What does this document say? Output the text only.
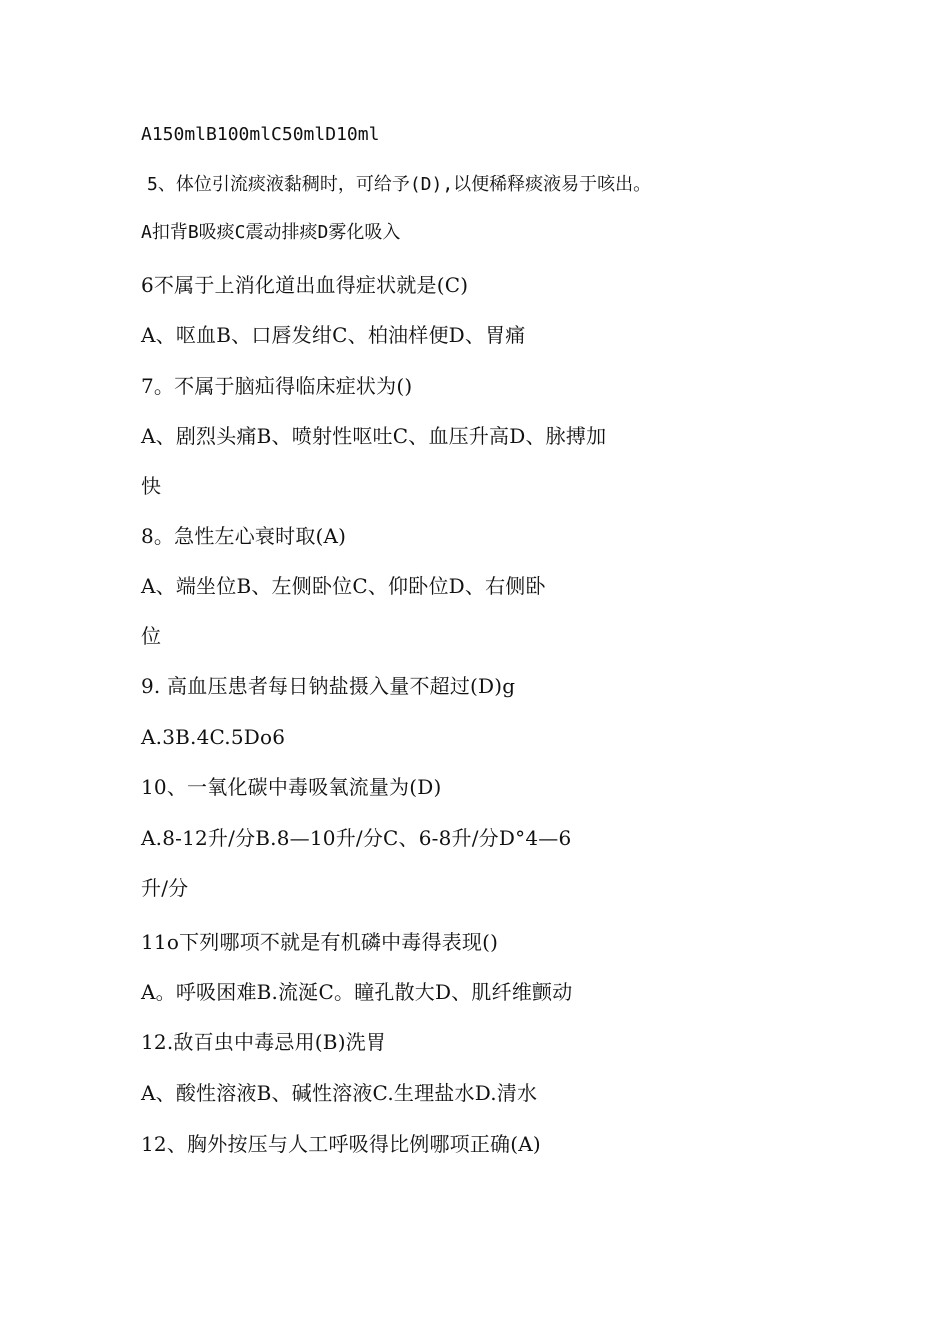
A150mlB100mlC50mlD10ml
5、体位引流痰液黏稠时，可给予(D),以便稀释痰液易于咳出。
A扣背B吸痰C震动排痰D雾化吸入
6不属于上消化道出血得症状就是(C)
A、呕血B、口唇发绀C、柏油样便D、胃痛
7。不属于脑疝得临床症状为()
A、剧烈头痛B、喷射性呕吐C、血压升高D、脉搏加
快
8。急性左心衰时取(A)
A、端坐位B、左侧卧位C、仰卧位D、右侧卧
位
9. 高血压患者每日钠盐摄入量不超过(D)g
A.3B.4C.5Do6
10、一氧化碳中毒吸氧流量为(D)
A.8-12升/分B.8—10升/分C、6-8升/分D°4—6
升/分
11o下列哪项不就是有机磷中毒得表现()
A。呼吸困难B.流涎C。瞳孔散大D、肌纤维颤动
12.敌百虫中毒忌用(B)洗胃
A、酸性溶液B、碱性溶液C.生理盐水D.清水
12、胸外按压与人工呼吸得比例哪项正确(A)
